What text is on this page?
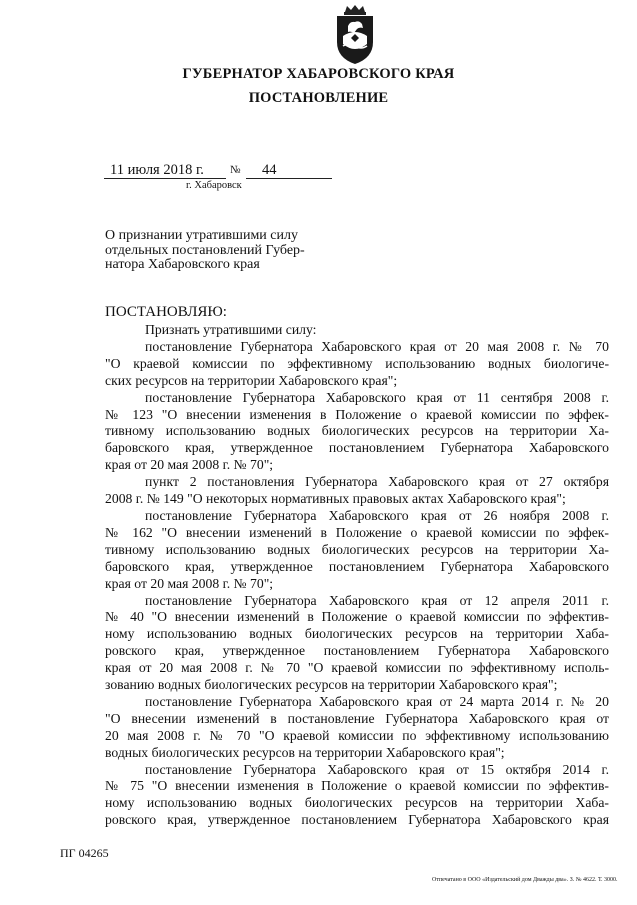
ГУБЕРНАТОР ХАБАРОВСКОГО КРАЯ
ПОСТАНОВЛЕНИЕ
11 июля 2018 г. № 44
г. Хабаровск
О признании утратившими силу
отдельных постановлений Губер-
натора Хабаровского края
ПОСТАНОВЛЯЮ:
Признать утратившими силу:
постановление Губернатора Хабаровского края от 20 мая 2008 г. № 70
"О краевой комиссии по эффективному использованию водных биологиче-
ских ресурсов на территории Хабаровского края";
постановление Губернатора Хабаровского края от 11 сентября 2008 г.
№ 123 "О внесении изменения в Положение о краевой комиссии по эффек-
тивному использованию водных биологических ресурсов на территории Ха-
баровского края, утвержденное постановлением Губернатора Хабаровского
края от 20 мая 2008 г. № 70";
пункт 2 постановления Губернатора Хабаровского края от 27 октября
2008 г. № 149 "О некоторых нормативных правовых актах Хабаровского края";
постановление Губернатора Хабаровского края от 26 ноября 2008 г.
№ 162 "О внесении изменений в Положение о краевой комиссии по эффек-
тивному использованию водных биологических ресурсов на территории Ха-
баровского края, утвержденное постановлением Губернатора Хабаровского
края от 20 мая 2008 г. № 70";
постановление Губернатора Хабаровского края от 12 апреля 2011 г.
№ 40 "О внесении изменений в Положение о краевой комиссии по эффектив-
ному использованию водных биологических ресурсов на территории Хаба-
ровского края, утвержденное постановлением Губернатора Хабаровского
края от 20 мая 2008 г. № 70 "О краевой комиссии по эффективному исполь-
зованию водных биологических ресурсов на территории Хабаровского края";
постановление Губернатора Хабаровского края от 24 марта 2014 г. № 20
"О внесении изменений в постановление Губернатора Хабаровского края от
20 мая 2008 г. № 70 "О краевой комиссии по эффективному использованию
водных биологических ресурсов на территории Хабаровского края";
постановление Губернатора Хабаровского края от 15 октября 2014 г.
№ 75 "О внесении изменения в Положение о краевой комиссии по эффектив-
ному использованию водных биологических ресурсов на территории Хаба-
ровского края, утвержденное постановлением Губернатора Хабаровского края
ПГ 04265
Отпечатано в ООО «Издательский дом Дважды два». З. № 4622. Т. 3000.
